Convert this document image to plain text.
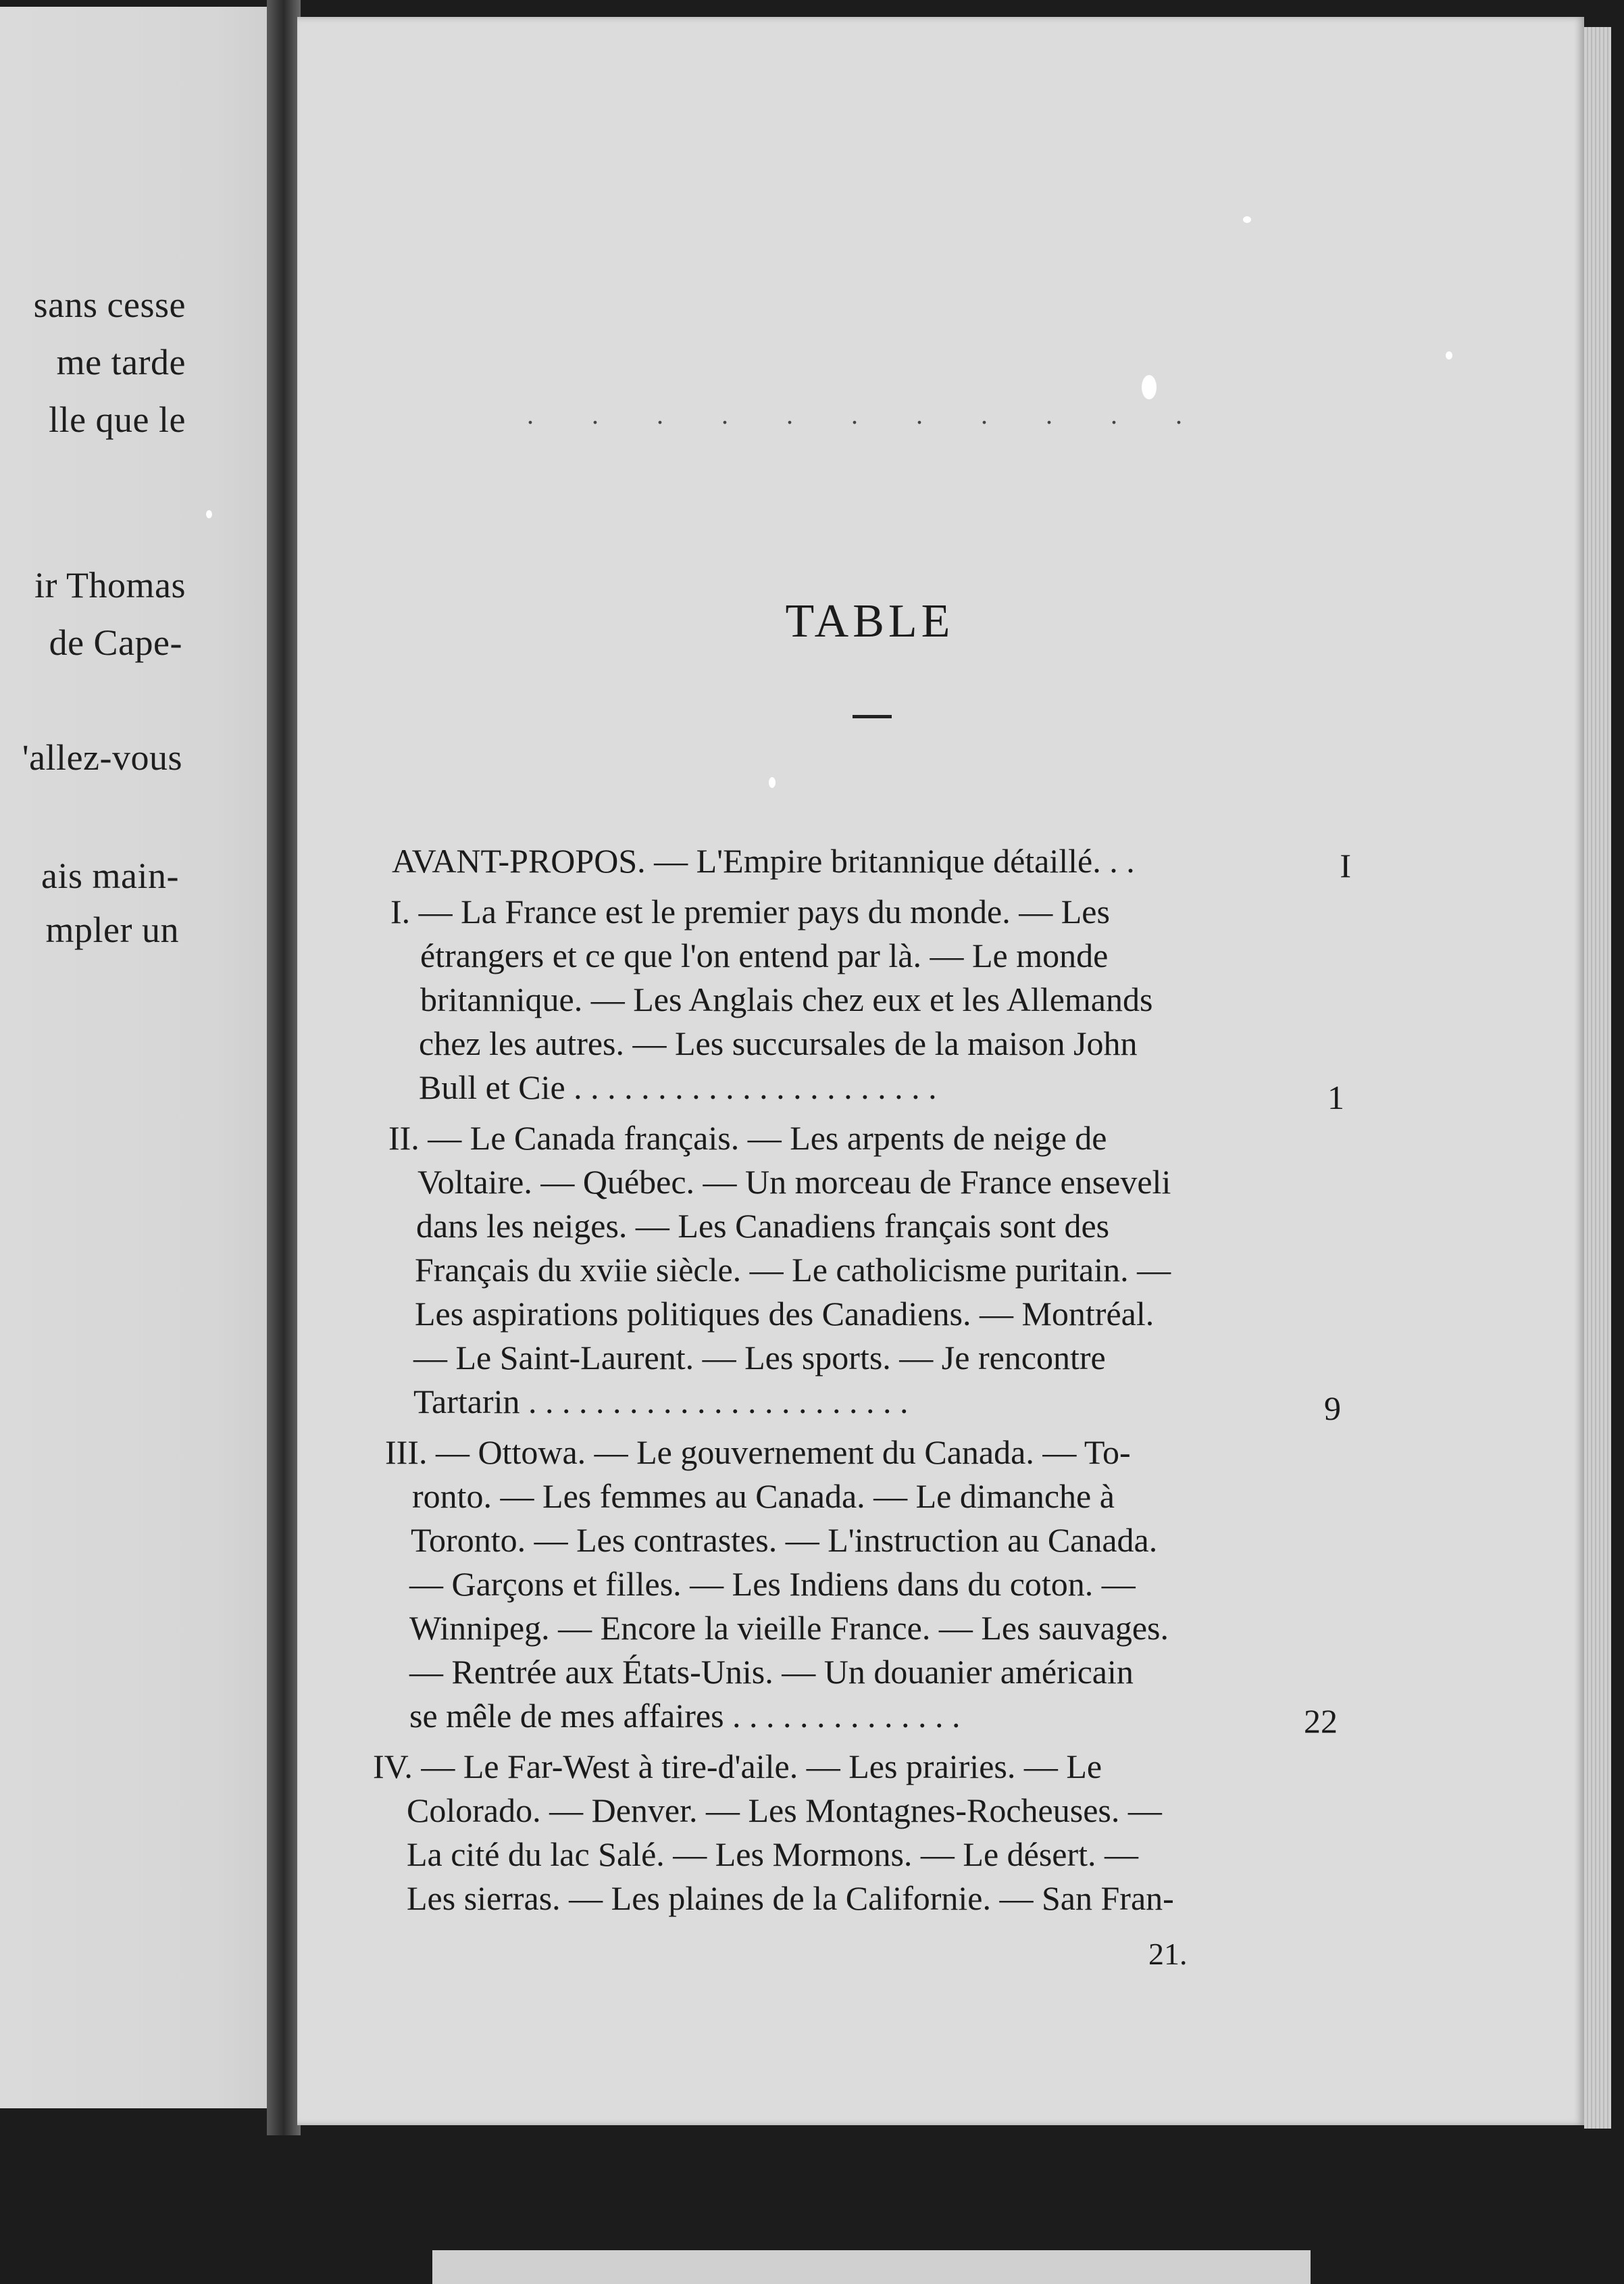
sans cesse
me tarde
lle que le
ir Thomas
de Cape-
'allez-vous
ais main-
mpler un
. . . . . . . . . . .
TABLE
AVANT-PROPOS. — L'Empire britannique détaillé. . .	I
I. — La France est le premier pays du monde. — Les
étrangers et ce que l'on entend par là. — Le monde
britannique. — Les Anglais chez eux et les Allemands
chez les autres. — Les succursales de la maison John
Bull et Cie . . . . . . . . . . . . . . . . . . . . . .	1
II. — Le Canada français. — Les arpents de neige de
Voltaire. — Québec. — Un morceau de France enseveli
dans les neiges. — Les Canadiens français sont des
Français du xviie siècle. — Le catholicisme puritain. —
Les aspirations politiques des Canadiens. — Montréal.
— Le Saint-Laurent. — Les sports. — Je rencontre
Tartarin . . . . . . . . . . . . . . . . . . . . . . .	9
III. — Ottowa. — Le gouvernement du Canada. — To-
ronto. — Les femmes au Canada. — Le dimanche à
Toronto. — Les contrastes. — L'instruction au Canada.
— Garçons et filles. — Les Indiens dans du coton. —
Winnipeg. — Encore la vieille France. — Les sauvages.
— Rentrée aux États-Unis. — Un douanier américain
se mêle de mes affaires . . . . . . . . . . . . . .	22
IV. — Le Far-West à tire-d'aile. — Les prairies. — Le
Colorado. — Denver. — Les Montagnes-Rocheuses. —
La cité du lac Salé. — Les Mormons. — Le désert. —
Les sierras. — Les plaines de la Californie. — San Fran-
21.
